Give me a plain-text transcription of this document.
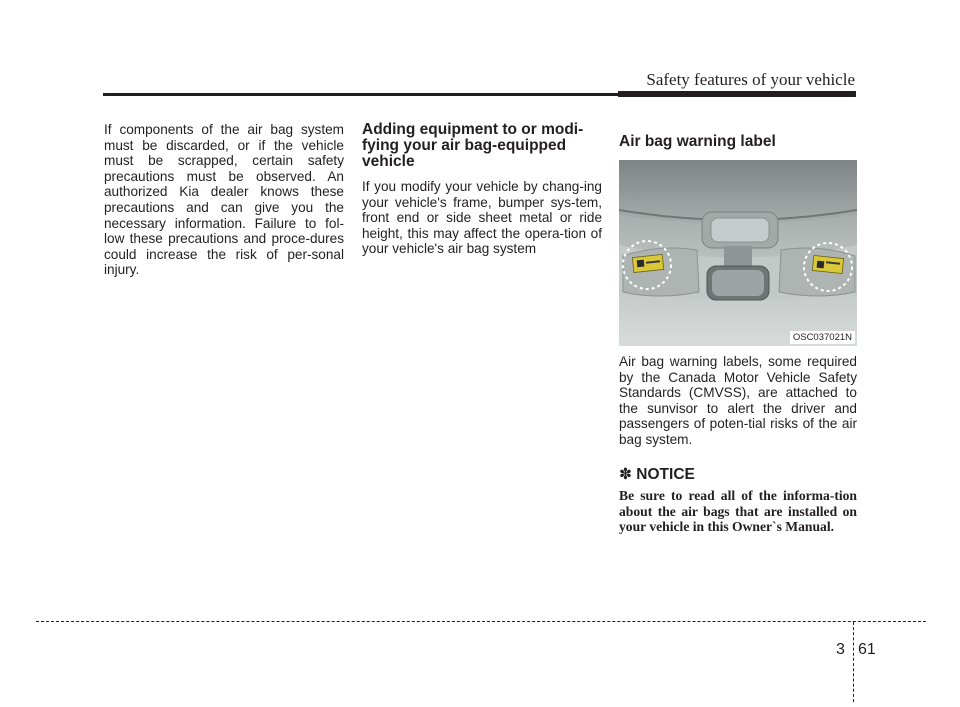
Safety features of your vehicle

If components of the air bag system must be discarded, or if the vehicle must be scrapped, certain safety precautions must be observed. An authorized Kia dealer knows these precautions and can give you the necessary information. Failure to fol-low these precautions and proce-dures could increase the risk of per-sonal injury.

Adding equipment to or modi-fying your air bag-equipped vehicle

If you modify your vehicle by chang-ing your vehicle's frame, bumper sys-tem, front end or side sheet metal or ride height, this may affect the opera-tion of your vehicle's air bag system

Air bag warning label
OSC037021N

Air bag warning labels, some required by the Canada Motor Vehicle Safety Standards (CMVSS), are attached to the sunvisor to alert the driver and passengers of poten-tial risks of the air bag system.

✽ NOTICE

Be sure to read all of the informa-tion about the air bags that are installed on your vehicle in this Owner`s Manual.

3 61
